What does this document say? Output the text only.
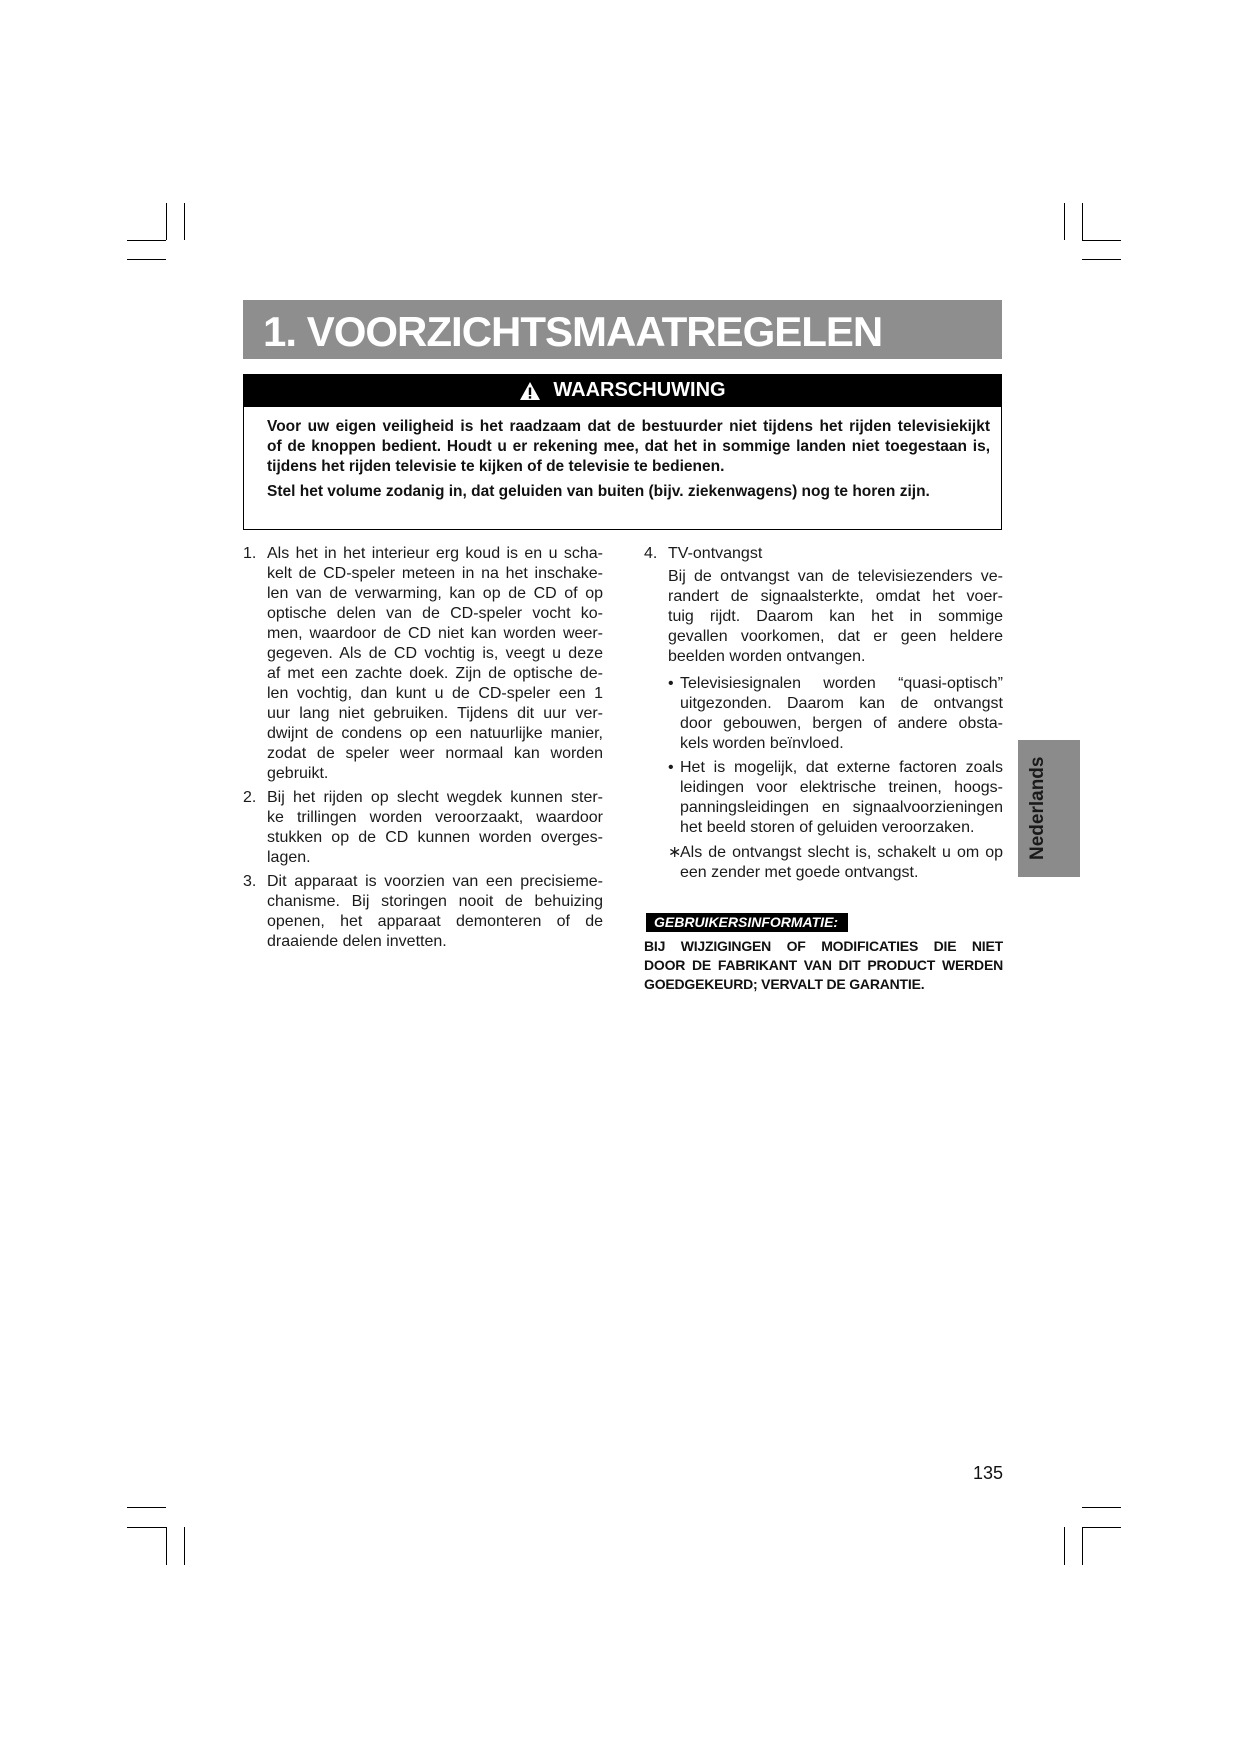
1. VOORZICHTSMAATREGELEN
WAARSCHUWING
Voor uw eigen veiligheid is het raadzaam dat de bestuurder niet tijdens het rijden televisiekijkt
of de knoppen bedient. Houdt u er rekening mee, dat het in sommige landen niet toegestaan is,
tijdens het rijden televisie te kijken of de televisie te bedienen.
Stel het volume zodanig in, dat geluiden van buiten (bijv. ziekenwagens) nog te horen zijn.
1. Als het in het interieur erg koud is en u scha-
kelt de CD-speler meteen in na het inschake-
len van de verwarming, kan op de CD of op
optische delen van de CD-speler vocht ko-
men, waardoor de CD niet kan worden weer-
gegeven. Als de CD vochtig is, veegt u deze
af met een zachte doek. Zijn de optische de-
len vochtig, dan kunt u de CD-speler een 1
uur lang niet gebruiken. Tijdens dit uur ver-
dwijnt de condens op een natuurlijke manier,
zodat de speler weer normaal kan worden
gebruikt.
2. Bij het rijden op slecht wegdek kunnen ster-
ke trillingen worden veroorzaakt, waardoor
stukken op de CD kunnen worden overges-
lagen.
3. Dit apparaat is voorzien van een precisieme-
chanisme. Bij storingen nooit de behuizing
openen, het apparaat demonteren of de
draaiende delen invetten.
4. TV-ontvangst
Bij de ontvangst van de televisiezenders ve-
randert de signaalsterkte, omdat het voer-
tuig rijdt. Daarom kan het in sommige
gevallen voorkomen, dat er geen heldere
beelden worden ontvangen.
• Televisiesignalen worden “quasi-optisch”
uitgezonden. Daarom kan de ontvangst
door gebouwen, bergen of andere obsta-
kels worden beïnvloed.
• Het is mogelijk, dat externe factoren zoals
leidingen voor elektrische treinen, hoogs-
panningsleidingen en signaalvoorzieningen
het beeld storen of geluiden veroorzaken.
∗
Als de ontvangst slecht is, schakelt u om op
een zender met goede ontvangst.
GEBRUIKERSINFORMATIE:
BIJ WIJZIGINGEN OF MODIFICATIES DIE NIET
DOOR DE FABRIKANT VAN DIT PRODUCT WERDEN
GOEDGEKEURD; VERVALT DE GARANTIE.
Nederlands
135
